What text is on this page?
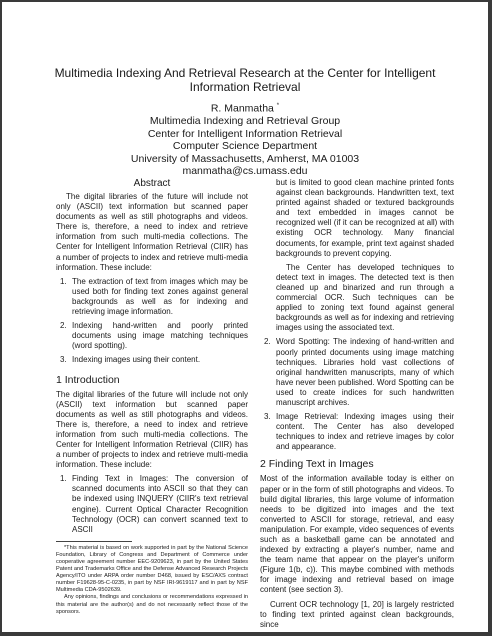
Multimedia Indexing And Retrieval Research at the Center for Intelligent Information Retrieval
R. Manmatha *
Multimedia Indexing and Retrieval Group
Center for Intelligent Information Retrieval
Computer Science Department
University of Massachusetts, Amherst, MA 01003
manmatha@cs.umass.edu
Abstract

The digital libraries of the future will include not only (ASCII) text information but scanned paper documents as well as still photographs and videos. There is, therefore, a need to index and retrieve information from such multi-media collections. The Center for Intelligent Information Retrieval (CIIR) has a number of projects to index and retrieve multi-media information. These include:

1. The extraction of text from images which may be used both for finding text zones against general backgrounds as well as for indexing and retrieving image information.
2. Indexing hand-written and poorly printed documents using image matching techniques (word spotting).
3. Indexing images using their content.
1 Introduction

The digital libraries of the future will include not only (ASCII) text information but scanned paper documents as well as still photographs and videos. There is, therefore, a need to index and retrieve information from such multi-media collections. The Center for Intelligent Information Retrieval (CIIR) has a number of projects to index and retrieve multi-media information. These include:

1. Finding Text in Images: The conversion of scanned documents into ASCII so that they can be indexed using INQUERY (CIIR's text retrieval engine). Current Optical Character Recognition Technology (OCR) can convert scanned text to ASCII

*This material is based on work supported in part by the National Science Foundation, Library of Congress and Department of Commerce under cooperative agreement number EEC-9209623, in part by the United States Patent and Trademarks Office and the Defense Advanced Research Projects Agency/ITO under ARPA order number D468, issued by ESC/AXS contract number F19628-95-C-0235, in part by NSF IRI-9619117 and in part by NSF Multimedia CDA-9502639.

Any opinions, findings and conclusions or recommendations expressed in this material are the author(s) and do not necessarily reflect those of the sponsors.

but is limited to good clean machine printed fonts against clean backgrounds. Handwritten text, text printed against shaded or textured backgrounds and text embedded in images cannot be recognized well (if it can be recognized at all) with existing OCR technology. Many financial documents, for example, print text against shaded backgrounds to prevent copying.

The Center has developed techniques to detect text in images. The detected text is then cleaned up and binarized and run through a commercial OCR. Such techniques can be applied to zoning text found against general backgrounds as well as for indexing and retrieving images using the associated text.

2. Word Spotting: The indexing of hand-written and poorly printed documents using image matching techniques. Libraries hold vast collections of original handwritten manuscripts, many of which have never been published. Word Spotting can be used to create indices for such handwritten manuscript archives.
3. Image Retrieval: Indexing images using their content. The Center has also developed techniques to index and retrieve images by color and appearance.
2 Finding Text in Images

Most of the information available today is either on paper or in the form of still photographs and videos. To build digital libraries, this large volume of information needs to be digitized into images and the text converted to ASCII for storage, retrieval, and easy manipulation. For example, video sequences of events such as a basketball game can be annotated and indexed by extracting a player's number, name and the team name that appear on the player's uniform (Figure 1(b, c)). This maybe combined with methods for image indexing and retrieval based on image content (see section 3).

Current OCR technology [1, 20] is largely restricted to finding text printed against clean backgrounds, since
